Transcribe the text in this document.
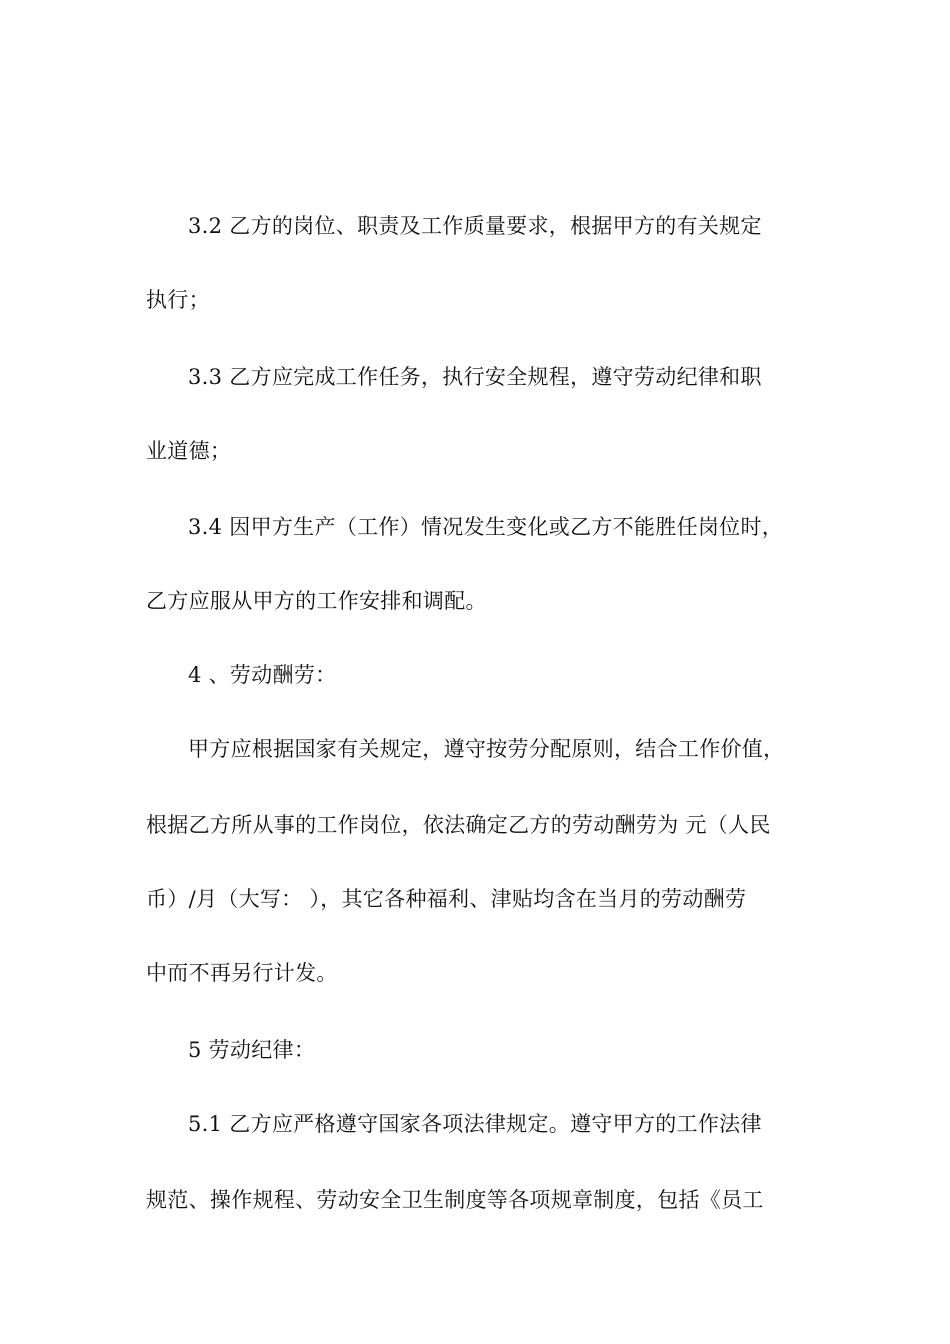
3.2 乙方的岗位、职责及工作质量要求，根据甲方的有关规定
执行；
3.3 乙方应完成工作任务，执行安全规程，遵守劳动纪律和职
业道德；
3.4 因甲方生产（工作）情况发生变化或乙方不能胜任岗位时，
乙方应服从甲方的工作安排和调配。
4 、劳动酬劳：
甲方应根据国家有关规定，遵守按劳分配原则，结合工作价值，
根据乙方所从事的工作岗位，依法确定乙方的劳动酬劳为 元（人民
币）/月（大写： ），其它各种福利、津贴均含在当月的劳动酬劳
中而不再另行计发。
5 劳动纪律：
5.1 乙方应严格遵守国家各项法律规定。遵守甲方的工作法律
规范、操作规程、劳动安全卫生制度等各项规章制度，包括《员工
